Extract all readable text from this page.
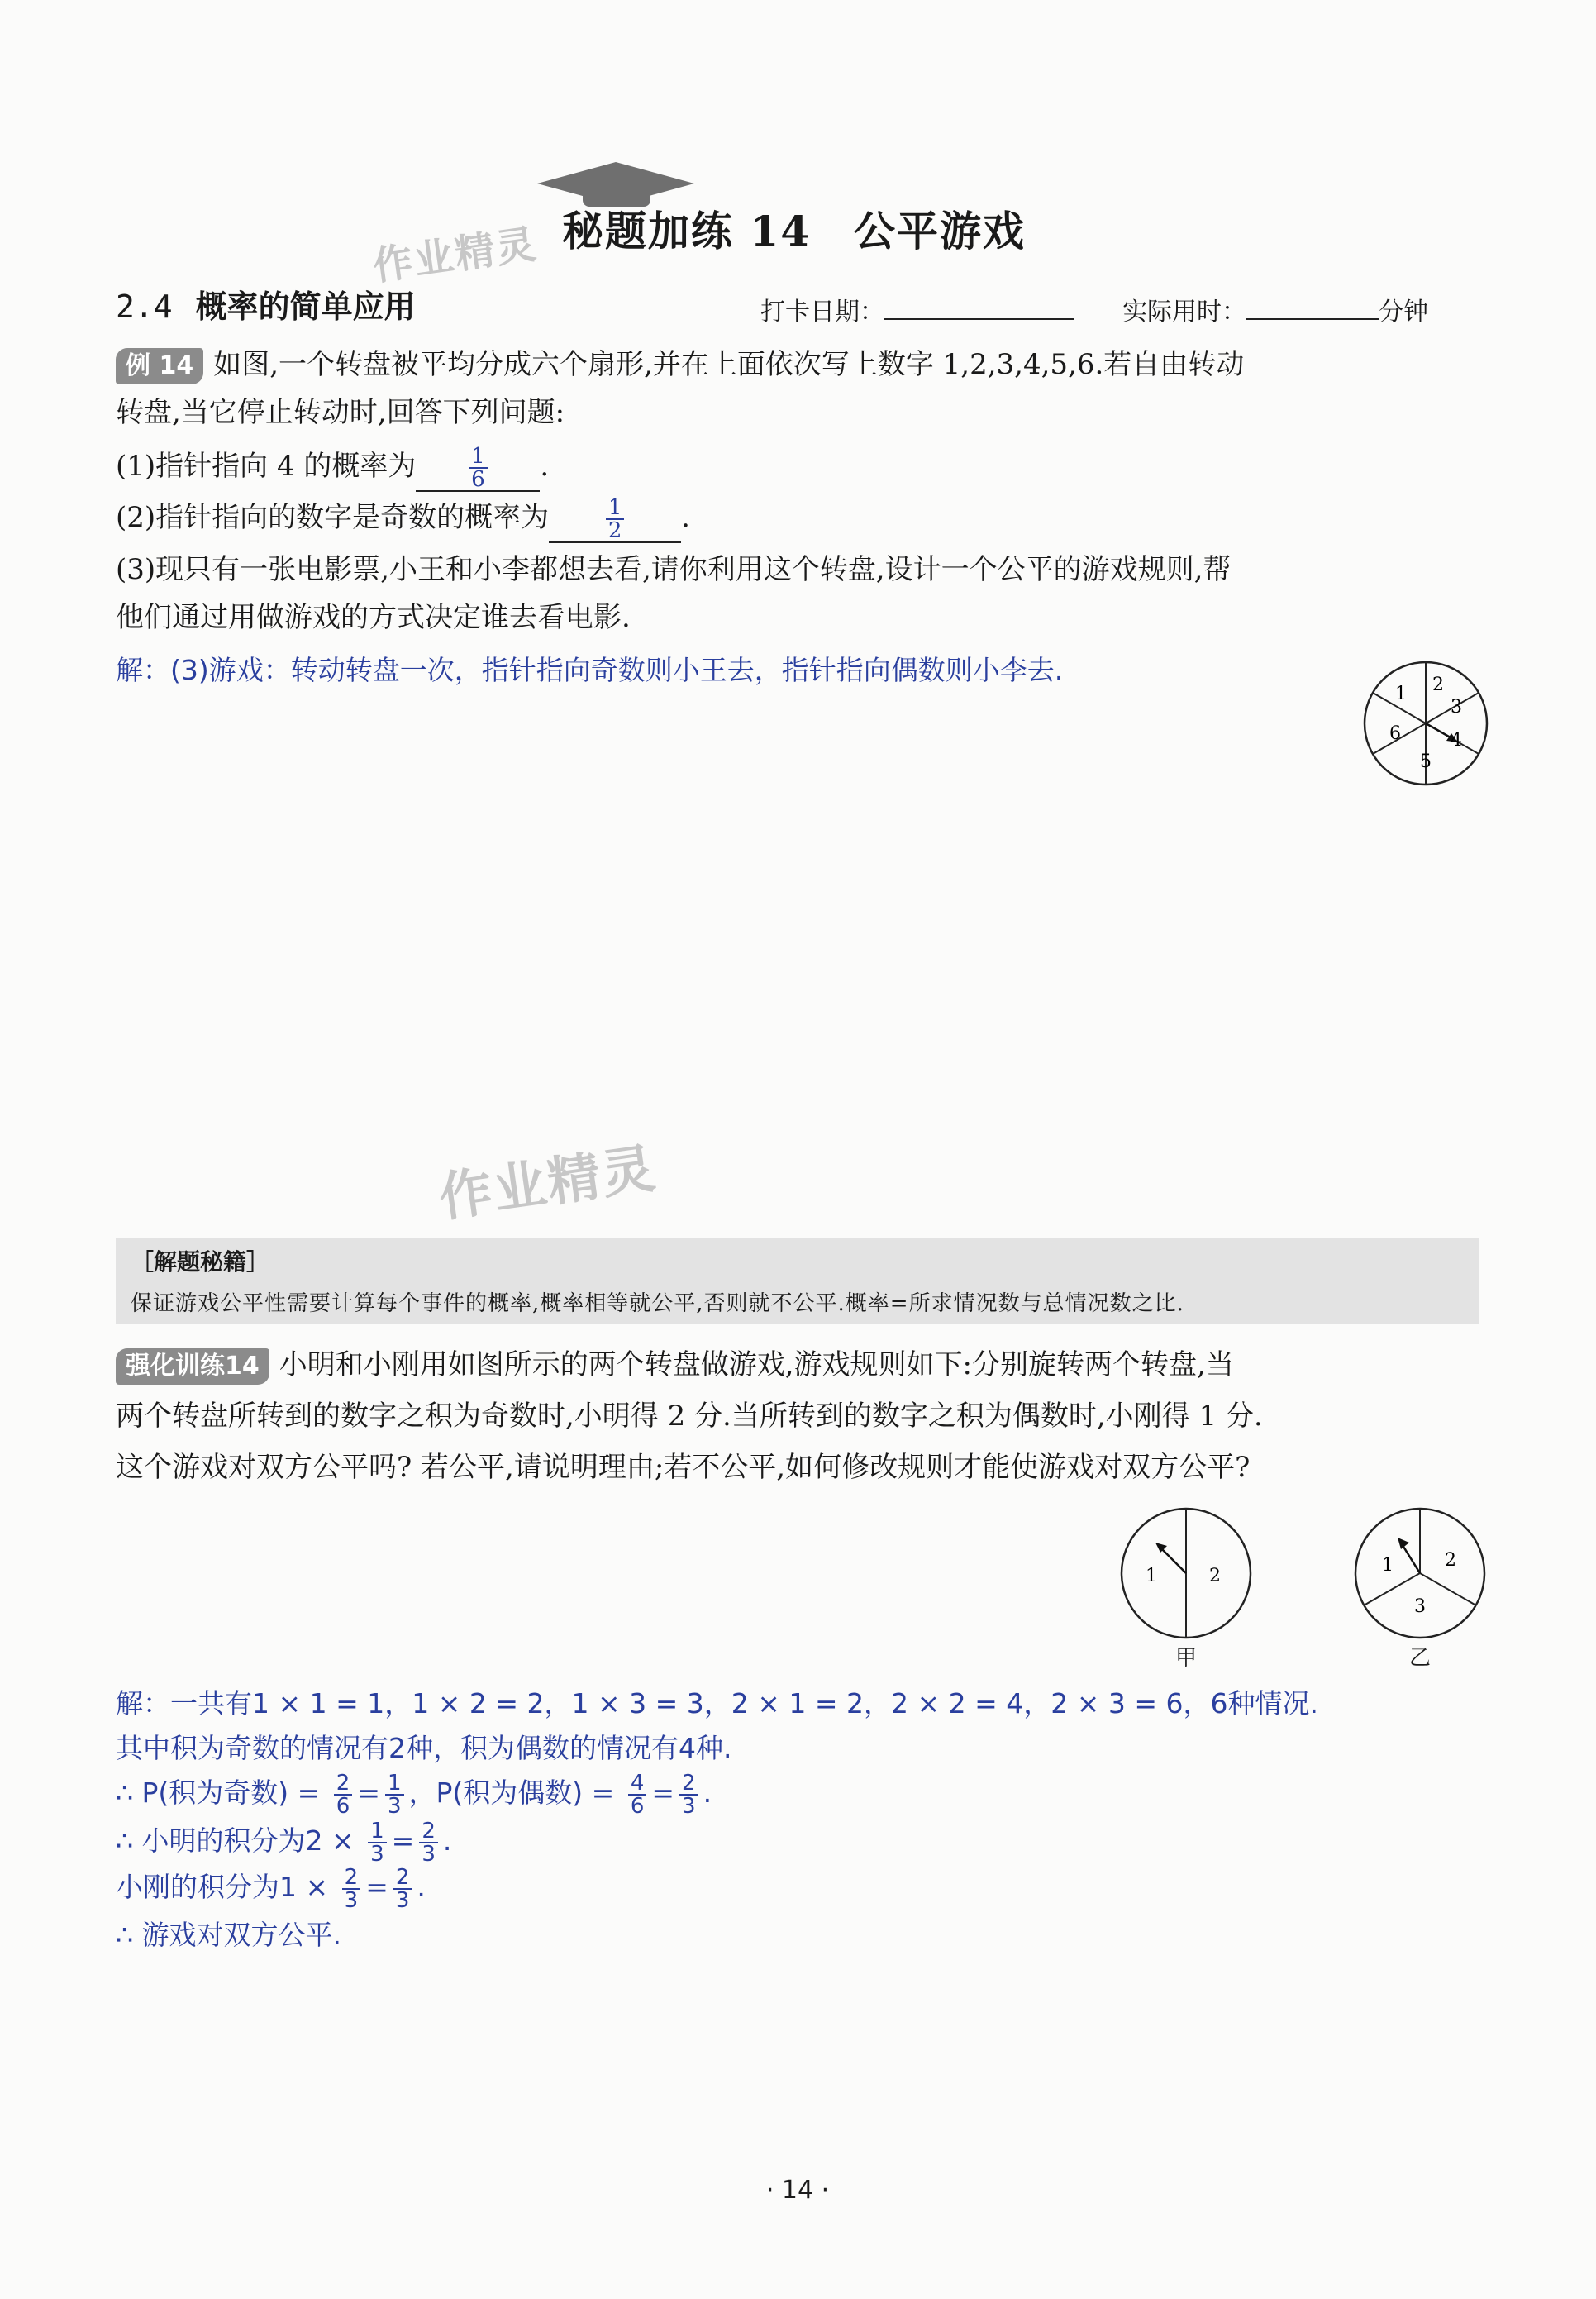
秘题加练 14　公平游戏
作业精灵
2.4 概率的简单应用	打卡日期：	实际用时：	分钟
例 14 如图,一个转盘被平均分成六个扇形,并在上面依次写上数字 1,2,3,4,5,6.若自由转动
转盘,当它停止转动时,回答下列问题:
(1)指针指向 4 的概率为 $\frac{1}{6}$ .
(2)指针指向的数字是奇数的概率为	$\frac{1}{2}$ .
(3)现只有一张电影票,小王和小李都想去看,请你利用这个转盘,设计一个公平的游戏规则,帮
他们通过用做游戏的方式决定谁去看电影.
解：(3)游戏：转动转盘一次，指针指向奇数则小王去，指针指向偶数则小李去.
1 2
3
4
5
6
作业精灵
［解题秘籍］
保证游戏公平性需要计算每个事件的概率,概率相等就公平,否则就不公平.概率=所求情况数与总情况数之比.
强化训练14 小明和小刚用如图所示的两个转盘做游戏,游戏规则如下:分别旋转两个转盘,当
两个转盘所转到的数字之积为奇数时,小明得 2 分.当所转到的数字之积为偶数时,小刚得 1 分.
这个游戏对双方公平吗? 若公平,请说明理由;若不公平,如何修改规则才能使游戏对双方公平?
1	2
甲
1	2
3
乙
解：一共有1 × 1 = 1，1 × 2 = 2，1 × 3 = 3，2 × 1 = 2，2 × 2 = 4，2 × 3 = 6，6种情况.
其中积为奇数的情况有2种，积为偶数的情况有4种.
∴ P(积为奇数) = $\frac{2}{6} = \frac{1}{3}$ ，P(积为偶数) = $\frac{4}{6} = \frac{2}{3}$ .
∴ 小明的积分为$2 \times \frac{1}{3} = \frac{2}{3}$ .
小刚的积分为$1 \times \frac{2}{3} = \frac{2}{3}$ .
∴ 游戏对双方公平.
· 14 ·
